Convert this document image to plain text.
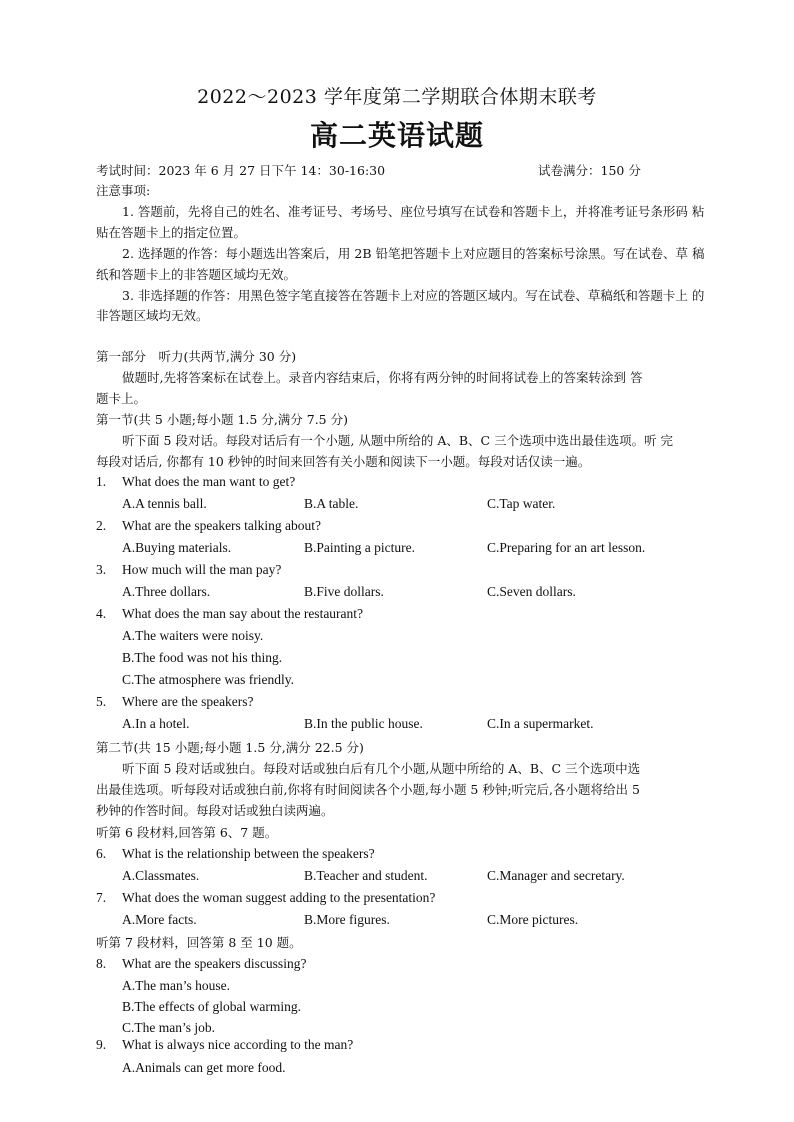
2022～2023 学年度第二学期联合体期末联考
高二英语试题
考试时间：2023 年 6 月 27 日下午 14：30-16:30	试卷满分：150 分
注意事项:
1. 答题前，先将自己的姓名、准考证号、考场号、座位号填写在试卷和答题卡上，并将准考证号条形码 粘
贴在答题卡上的指定位置。
2. 选择题的作答：每小题选出答案后，用 2B 铅笔把答题卡上对应题目的答案标号涂黑。写在试卷、草 稿
纸和答题卡上的非答题区域均无效。
3. 非选择题的作答：用黑色签字笔直接答在答题卡上对应的答题区域内。写在试卷、草稿纸和答题卡上 的
非答题区域均无效。
第一部分　听力(共两节,满分 30 分)
做题时,先将答案标在试卷上。录音内容结束后，你将有两分钟的时间将试卷上的答案转涂到 答
题卡上。
第一节(共 5 小题;每小题 1.5 分,满分 7.5 分)
听下面 5 段对话。每段对话后有一个小题, 从题中所给的 A、B、C 三个选项中选出最佳选项。听 完
每段对话后, 你都有 10 秒钟的时间来回答有关小题和阅读下一小题。每段对话仅读一遍。
1. What does the man want to get?
A.A tennis ball.	B.A table.	C.Tap water.
2. What are the speakers talking about?
A.Buying materials.	B.Painting a picture.	C.Preparing for an art lesson.
3. How much will the man pay?
A.Three dollars.	B.Five dollars.	C.Seven dollars.
4. What does the man say about the restaurant?
A.The waiters were noisy.
B.The food was not his thing.
C.The atmosphere was friendly.
5. Where are the speakers?
A.In a hotel.	B.In the public house.	C.In a supermarket.
第二节(共 15 小题;每小题 1.5 分,满分 22.5 分)
听下面 5 段对话或独白。每段对话或独白后有几个小题,从题中所给的 A、B、C 三个选项中选
出最佳选项。听每段对话或独白前,你将有时间阅读各个小题,每小题 5 秒钟;听完后,各小题将给出 5
秒钟的作答时间。每段对话或独白读两遍。
听第 6 段材料,回答第 6、7 题。
6. What is the relationship between the speakers?
A.Classmates.	B.Teacher and student.	C.Manager and secretary.
7. What does the woman suggest adding to the presentation?
A.More facts.	B.More figures.	C.More pictures.
听第 7 段材料，回答第 8 至 10 题。
8. What are the speakers discussing?
A.The man’s house.
B.The effects of global warming.
C.The man’s job.
9. What is always nice according to the man?
A.Animals can get more food.
